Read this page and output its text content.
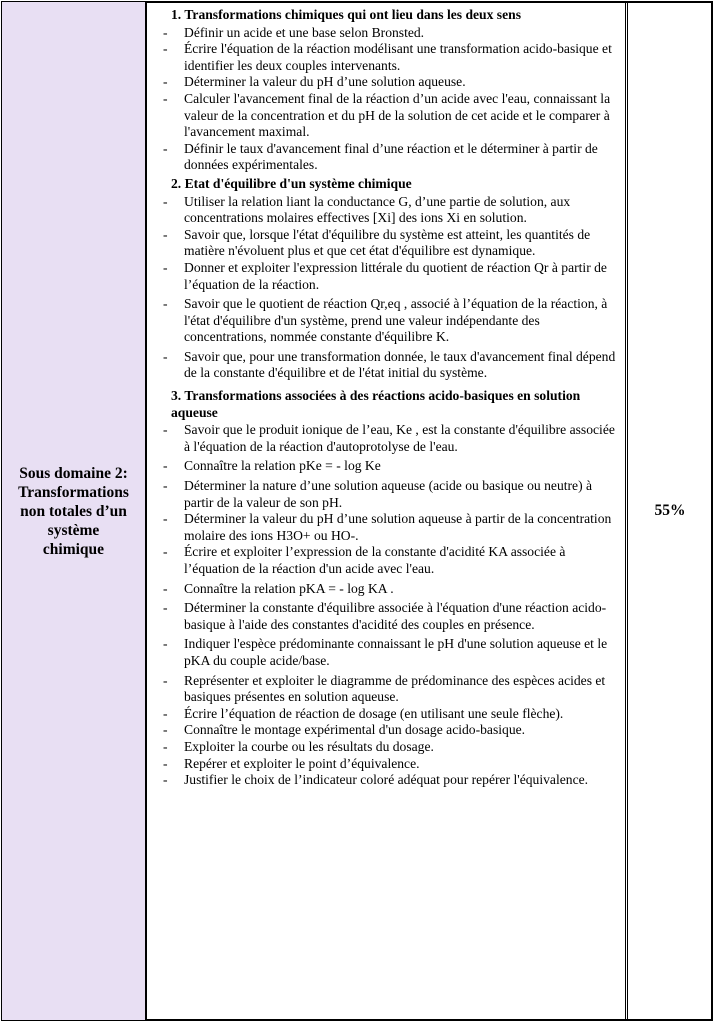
Sous domaine 2:
Transformations
non totales d’un
système
chimique
1. Transformations chimiques qui ont lieu dans les deux sens
- Définir un acide et une base selon Bronsted.
- Écrire l'équation de la réaction modélisant une transformation acido-basique et identifier les deux couples intervenants.
- Déterminer la valeur du pH d’une solution aqueuse.
- Calculer l'avancement final de la réaction d’un acide avec l'eau, connaissant la valeur de la concentration et du pH de la solution de cet acide et le comparer à l'avancement maximal.
- Définir le taux d'avancement final d’une réaction et le déterminer à partir de données expérimentales.
2. Etat d'équilibre d'un système chimique
- Utiliser la relation liant la conductance G, d’une partie de solution, aux concentrations molaires effectives [Xi] des ions Xi en solution.
- Savoir que, lorsque l'état d'équilibre du système est atteint, les quantités de matière n'évoluent plus et que cet état d'équilibre est dynamique.
- Donner et exploiter l'expression littérale du quotient de réaction Qr à partir de l’équation de la réaction.
- Savoir que le quotient de réaction Qr,eq , associé à l’équation de la réaction, à l'état d'équilibre d'un système, prend une valeur indépendante des concentrations, nommée constante d'équilibre K.
- Savoir que, pour une transformation donnée, le taux d'avancement final dépend de la constante d'équilibre et de l'état initial du système.
3. Transformations associées à des réactions acido-basiques en solution aqueuse
- Savoir que le produit ionique de l’eau, Ke , est la constante d'équilibre associée à l'équation de la réaction d'autoprotolyse de l'eau.
- Connaître la relation pKe = - log Ke
- Déterminer la nature d’une solution aqueuse (acide ou basique ou neutre) à partir de la valeur de son pH.
- Déterminer la valeur du pH d’une solution aqueuse à partir de la concentration molaire des ions H3O+ ou HO-.
- Écrire et exploiter l’expression de la constante d'acidité KA associée à l’équation de la réaction d'un acide avec l'eau.
- Connaître la relation pKA = - log KA .
- Déterminer la constante d'équilibre associée à l'équation d'une réaction acido-basique à l'aide des constantes d'acidité des couples en présence.
- Indiquer l'espèce prédominante connaissant le pH d'une solution aqueuse et le pKA du couple acide/base.
- Représenter et exploiter le diagramme de prédominance des espèces acides et basiques présentes en solution aqueuse.
- Écrire l’équation de réaction de dosage (en utilisant une seule flèche).
- Connaître le montage expérimental d'un dosage acido-basique.
- Exploiter la courbe ou les résultats du dosage.
- Repérer et exploiter le point d’équivalence.
- Justifier le choix de l’indicateur coloré adéquat pour repérer l'équivalence.
55%
